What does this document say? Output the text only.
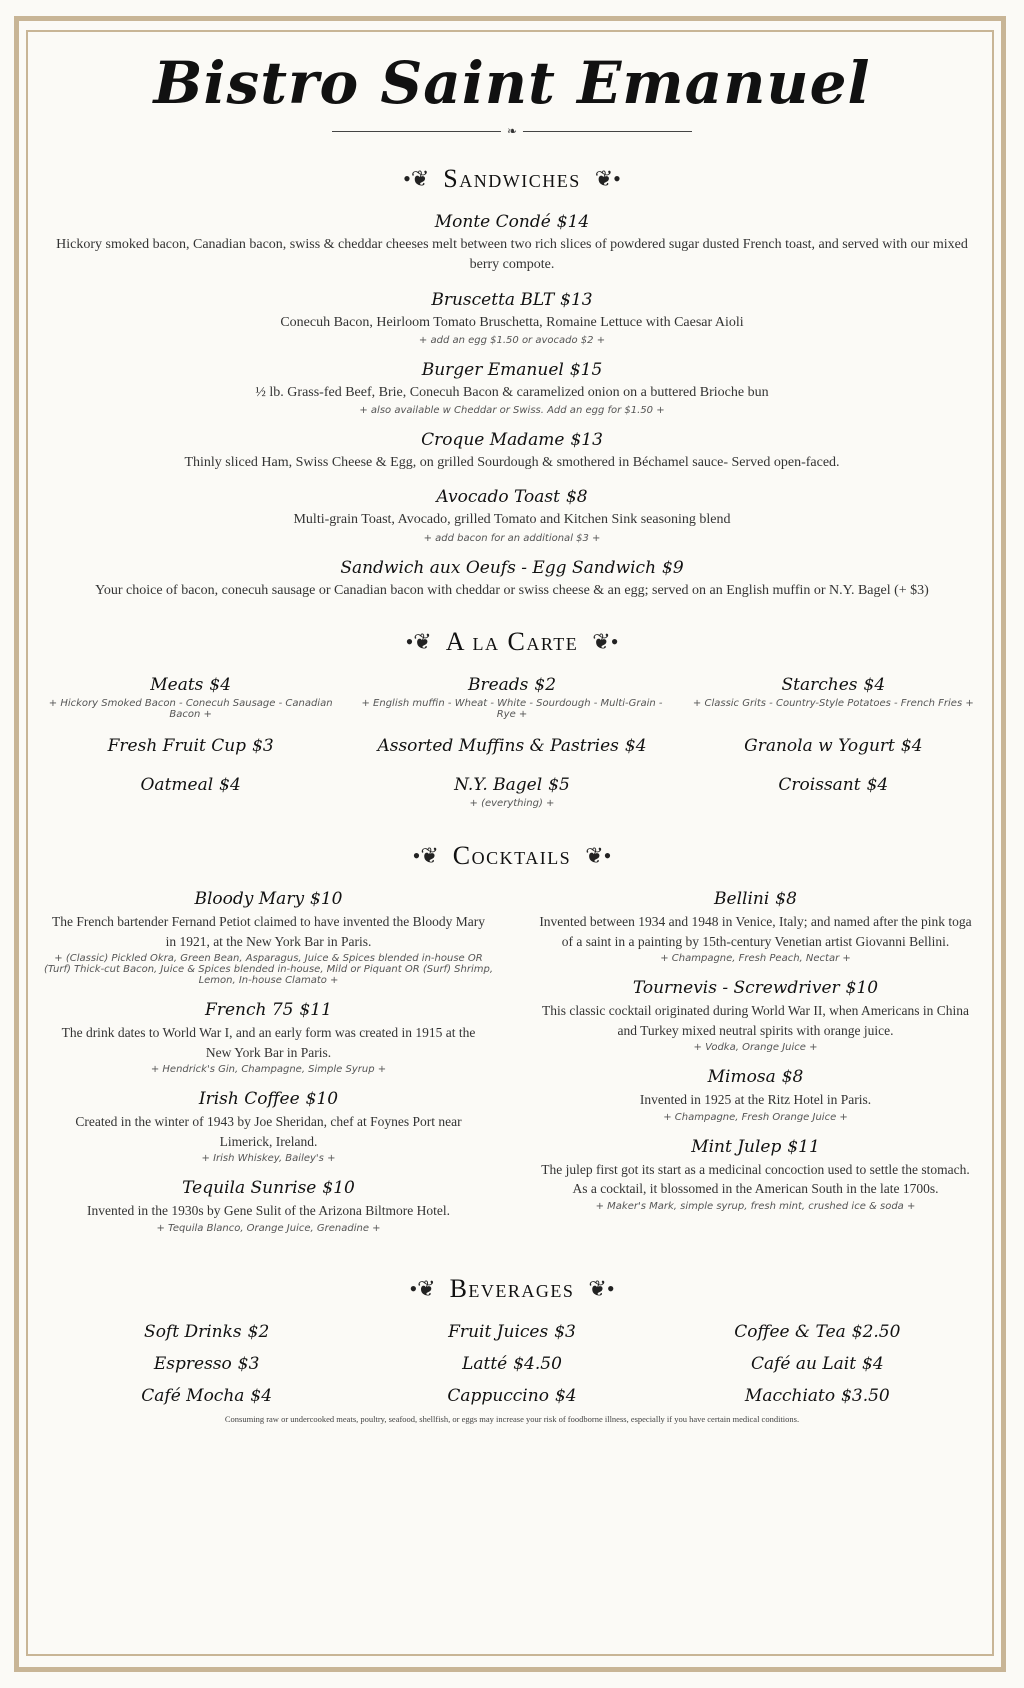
Bistro Saint Emanuel
❧
•❦ Sandwiches ❦•
Monte Condé $14
Hickory smoked bacon, Canadian bacon, swiss & cheddar cheeses melt between two rich slices of powdered sugar dusted French toast, and served with our mixed berry compote.
Bruscetta BLT $13
Conecuh Bacon, Heirloom Tomato Bruschetta, Romaine Lettuce with Caesar Aioli
+ add an egg $1.50 or avocado $2 +
Burger Emanuel $15
½ lb. Grass-fed Beef, Brie, Conecuh Bacon & caramelized onion on a buttered Brioche bun
+ also available w Cheddar or Swiss. Add an egg for $1.50 +
Croque Madame $13
Thinly sliced Ham, Swiss Cheese & Egg, on grilled Sourdough & smothered in Béchamel sauce- Served open-faced.
Avocado Toast $8
Multi-grain Toast, Avocado, grilled Tomato and Kitchen Sink seasoning blend
+ add bacon for an additional $3 +
Sandwich aux Oeufs - Egg Sandwich $9
Your choice of bacon, conecuh sausage or Canadian bacon with cheddar or swiss cheese & an egg; served on an English muffin or N.Y. Bagel (+ $3)
•❦ A la Carte ❦•
Meats $4
+ Hickory Smoked Bacon - Conecuh Sausage - Canadian Bacon +
Breads $2
+ English muffin - Wheat - White - Sourdough - Multi-Grain - Rye +
Starches $4
+ Classic Grits - Country-Style Potatoes - French Fries +
Fresh Fruit Cup $3	Assorted Muffins & Pastries $4	Granola w Yogurt $4
Oatmeal $4	N.Y. Bagel $5
+ (everything) +
Croissant $4
•❦ Cocktails ❦•
Bloody Mary $10
The French bartender Fernand Petiot claimed to have invented the Bloody Mary in 1921, at the New York Bar in Paris.
+ (Classic) Pickled Okra, Green Bean, Asparagus, Juice & Spices blended in-house OR (Turf) Thick-cut Bacon, Juice & Spices blended in-house, Mild or Piquant OR (Surf) Shrimp, Lemon, In-house Clamato +
French 75 $11
The drink dates to World War I, and an early form was created in 1915 at the New York Bar in Paris.
+ Hendrick's Gin, Champagne, Simple Syrup +
Irish Coffee $10
Created in the winter of 1943 by Joe Sheridan, chef at Foynes Port near Limerick, Ireland.
+ Irish Whiskey, Bailey's +
Tequila Sunrise $10
Invented in the 1930s by Gene Sulit of the Arizona Biltmore Hotel.
+ Tequila Blanco, Orange Juice, Grenadine +
Bellini $8
Invented between 1934 and 1948 in Venice, Italy; and named after the pink toga of a saint in a painting by 15th-century Venetian artist Giovanni Bellini.
+ Champagne, Fresh Peach, Nectar +
Tournevis - Screwdriver $10
This classic cocktail originated during World War II, when Americans in China and Turkey mixed neutral spirits with orange juice.
+ Vodka, Orange Juice +
Mimosa $8
Invented in 1925 at the Ritz Hotel in Paris.
+ Champagne, Fresh Orange Juice +
Mint Julep $11
The julep first got its start as a medicinal concoction used to settle the stomach. As a cocktail, it blossomed in the American South in the late 1700s.
+ Maker's Mark, simple syrup, fresh mint, crushed ice & soda +
•❦ Beverages ❦•
Soft Drinks $2	Fruit Juices $3	Coffee & Tea $2.50
Espresso $3	Latté $4.50	Café au Lait $4
Café Mocha $4	Cappuccino $4	Macchiato $3.50
Consuming raw or undercooked meats, poultry, seafood, shellfish, or eggs may increase your risk of foodborne illness, especially if you have certain medical conditions.
